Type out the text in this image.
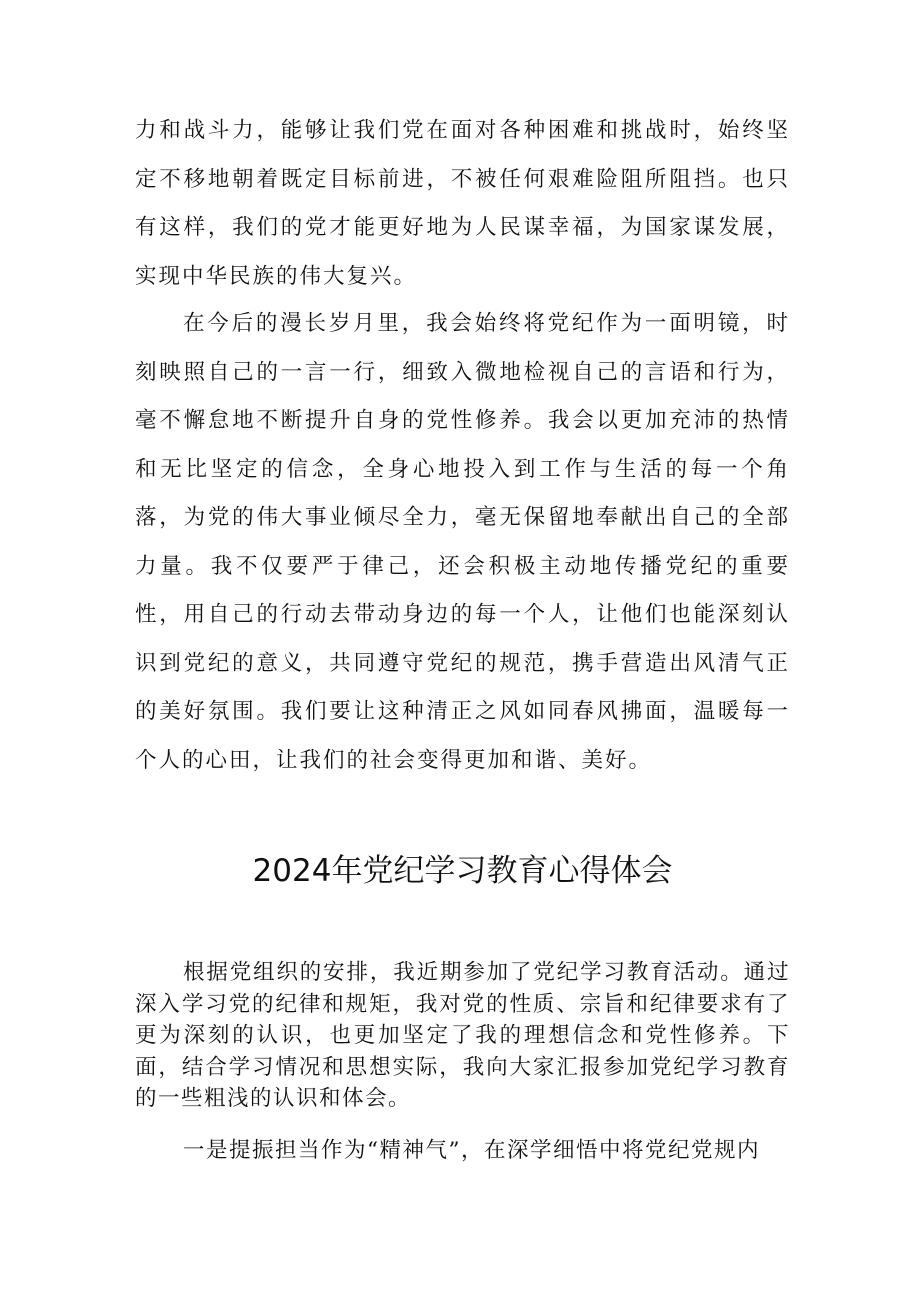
力和战斗力，能够让我们党在面对各种困难和挑战时，始终坚定不移地朝着既定目标前进，不被任何艰难险阻所阻挡。也只有这样，我们的党才能更好地为人民谋幸福，为国家谋发展，实现中华民族的伟大复兴。

在今后的漫长岁月里，我会始终将党纪作为一面明镜，时刻映照自己的一言一行，细致入微地检视自己的言语和行为，毫不懈怠地不断提升自身的党性修养。我会以更加充沛的热情和无比坚定的信念，全身心地投入到工作与生活的每一个角落，为党的伟大事业倾尽全力，毫无保留地奉献出自己的全部力量。我不仅要严于律己，还会积极主动地传播党纪的重要性，用自己的行动去带动身边的每一个人，让他们也能深刻认识到党纪的意义，共同遵守党纪的规范，携手营造出风清气正的美好氛围。我们要让这种清正之风如同春风拂面，温暖每一个人的心田，让我们的社会变得更加和谐、美好。

2024年党纪学习教育心得体会

根据党组织的安排，我近期参加了党纪学习教育活动。通过深入学习党的纪律和规矩，我对党的性质、宗旨和纪律要求有了更为深刻的认识，也更加坚定了我的理想信念和党性修养。下面，结合学习情况和思想实际，我向大家汇报参加党纪学习教育的一些粗浅的认识和体会。

一是提振担当作为“精神气”，在深学细悟中将党纪党规内
